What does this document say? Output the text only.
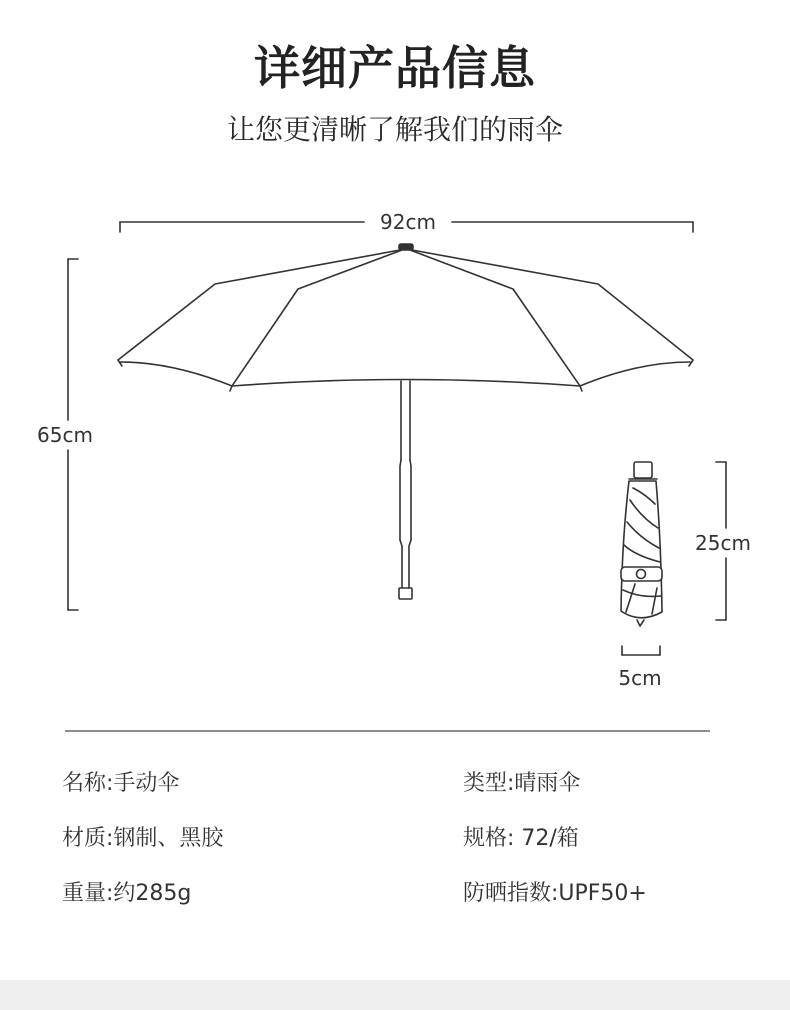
详细产品信息
让您更清晰了解我们的雨伞
92cm
65cm
25cm
5cm
名称:手动伞
材质:钢制、黑胶
重量:约285g
类型:晴雨伞
规格: 72/箱
防晒指数:UPF50+
